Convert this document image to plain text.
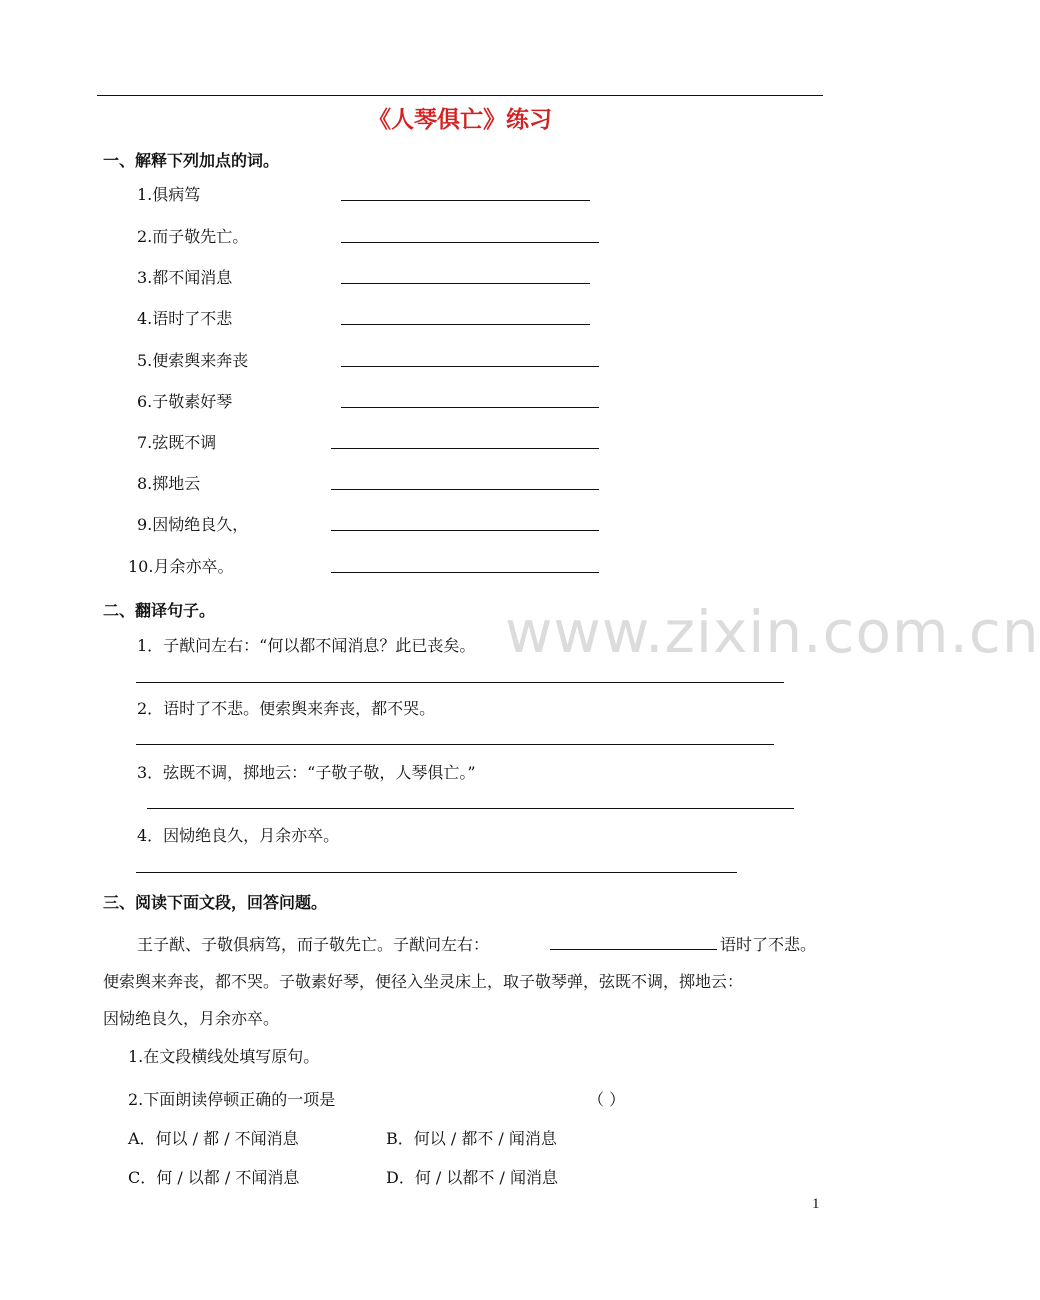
《人琴俱亡》练习
一、解释下列加点的词。
1.俱病笃
2.而子敬先亡。
3.都不闻消息
4.语时了不悲
5.便索舆来奔丧
6.子敬素好琴
7.弦既不调
8.掷地云
9.因恸绝良久，
10.月余亦卒。
二、翻译句子。
1．子猷问左右：“何以都不闻消息？此已丧矣。
2．语时了不悲。便索舆来奔丧，都不哭。
3．弦既不调，掷地云：“子敬子敬，人琴俱亡。”
4．因恸绝良久，月余亦卒。
www.zixin.com.cn
三、阅读下面文段，回答问题。
王子猷、子敬俱病笃，而子敬先亡。子猷问左右：	语时了不悲。
便索舆来奔丧，都不哭。子敬素好琴，便径入坐灵床上，取子敬琴弹，弦既不调，掷地云：
因恸绝良久，月余亦卒。
1.在文段横线处填写原句。
2.下面朗读停顿正确的一项是	（ ）
A．何以 / 都 / 不闻消息	B．何以 / 都不 / 闻消息
C．何 / 以都 / 不闻消息	D．何 / 以都不 / 闻消息
1
